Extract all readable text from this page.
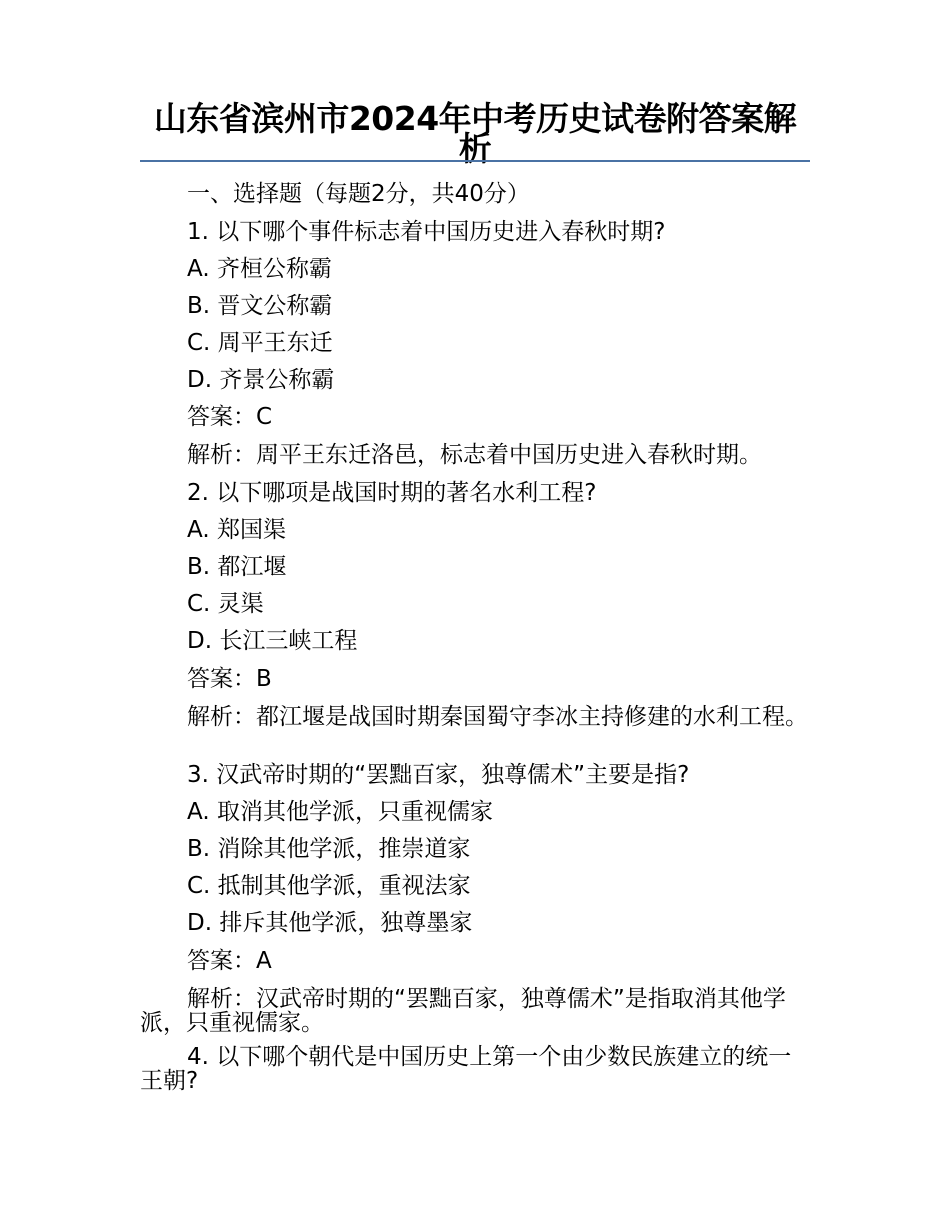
山东省滨州市2024年中考历史试卷附答案解析

一、选择题（每题2分，共40分）

1. 以下哪个事件标志着中国历史进入春秋时期?

A. 齐桓公称霸

B. 晋文公称霸

C. 周平王东迁

D. 齐景公称霸

答案：C

解析：周平王东迁洛邑，标志着中国历史进入春秋时期。

2. 以下哪项是战国时期的著名水利工程?

A. 郑国渠

B. 都江堰

C. 灵渠

D. 长江三峡工程

答案：B

解析：都江堰是战国时期秦国蜀守李冰主持修建的水利工程。

3. 汉武帝时期的“罢黜百家，独尊儒术”主要是指?

A. 取消其他学派，只重视儒家

B. 消除其他学派，推崇道家

C. 抵制其他学派，重视法家

D. 排斥其他学派，独尊墨家

答案：A

解析：汉武帝时期的“罢黜百家，独尊儒术”是指取消其他学派，只重视儒家。

4. 以下哪个朝代是中国历史上第一个由少数民族建立的统一王朝?
